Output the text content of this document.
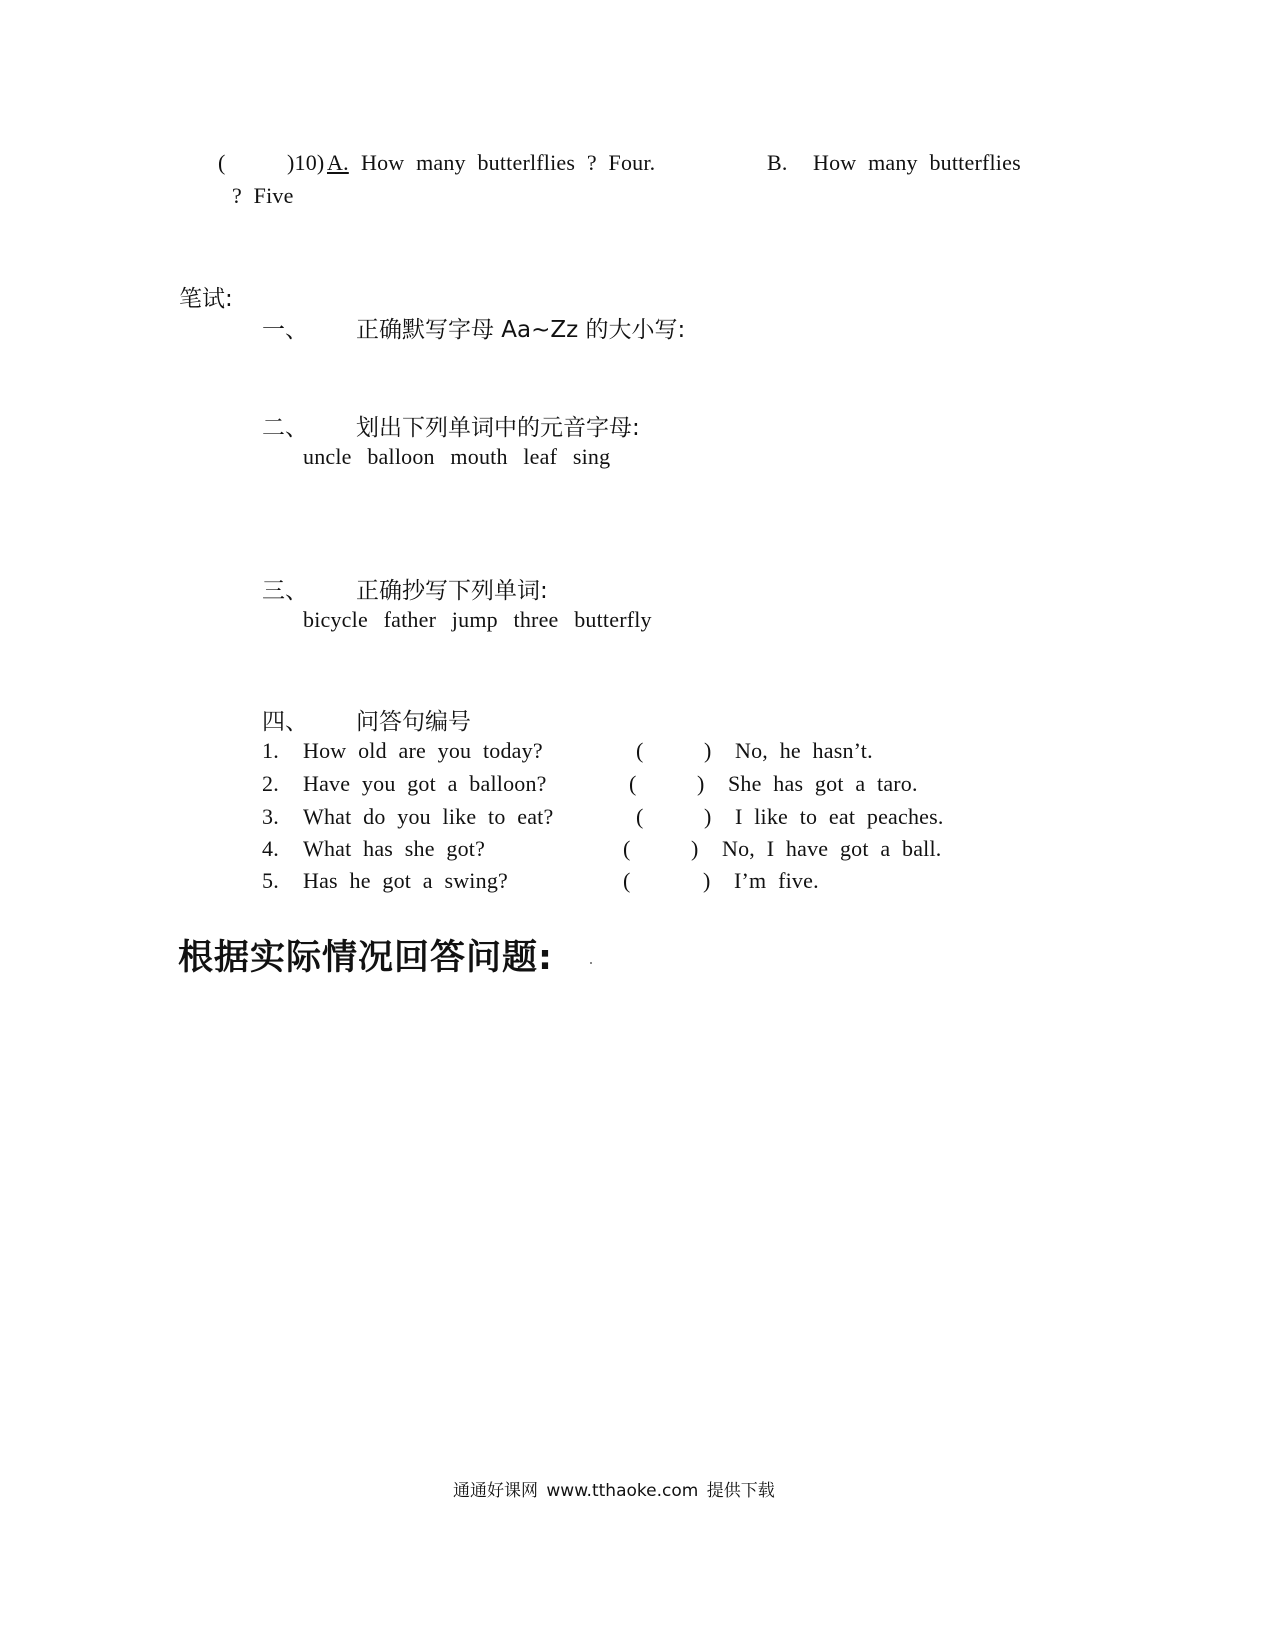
(	)10) A. How many butterlflies ? Four.	B. How many butterflies
? Five
笔试:
一、 正确默写字母 Aa~Zz 的大小写:
二、 划出下列单词中的元音字母:
uncle balloon mouth leaf sing
三、 正确抄写下列单词:
bicycle father jump three butterfly
四、 问答句编号
1. How old are you today?	(	) No, he hasn’t.
2. Have you got a balloon?	(	) She has got a taro.
3. What do you like to eat?	(	) I like to eat peaches.
4. What has she got?	(	) No, I have got a ball.
5. Has he got a swing?	(	) I’m five.
根据实际情况回答问题:
通通好课网 www.tthaoke.com 提供下载
